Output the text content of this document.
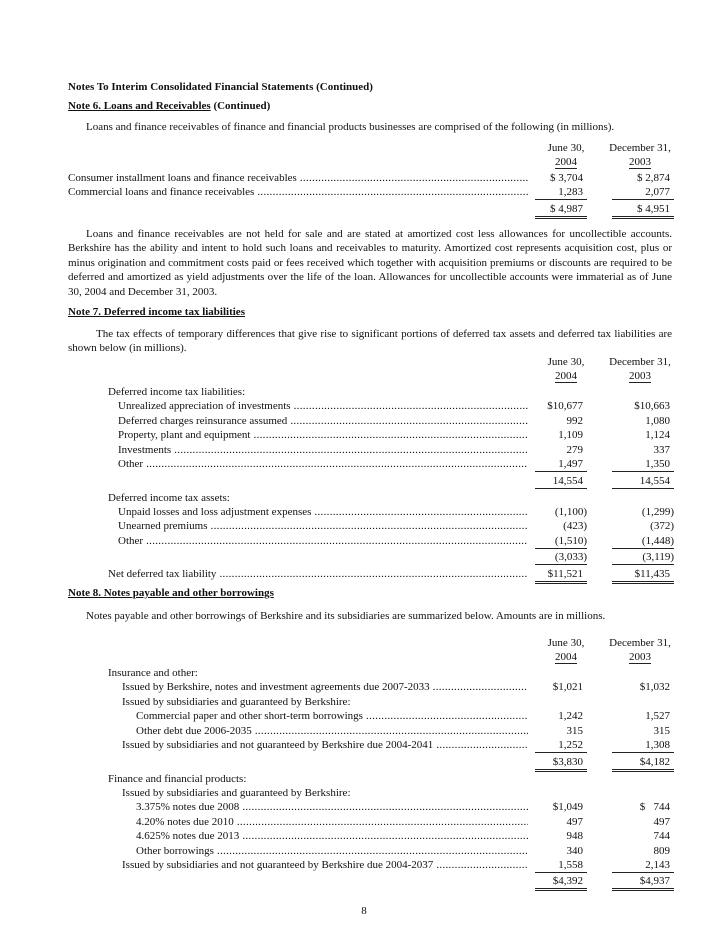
Notes To Interim Consolidated Financial Statements (Continued)
Note 6. Loans and Receivables (Continued)
Loans and finance receivables of finance and financial products businesses are comprised of the following (in millions).
June 30,
2004
December 31,
2003
Consumer installment loans and finance receivables .....	$ 3,704	$ 2,874
Commercial loans and finance receivables .....	1,283	2,077
$ 4,987	$ 4,951
Loans and finance receivables are not held for sale and are stated at amortized cost less allowances for uncollectible accounts. Berkshire has the ability and intent to hold such loans and receivables to maturity. Amortized cost represents acquisition cost, plus or minus origination and commitment costs paid or fees received which together with acquisition premiums or discounts are required to be deferred and amortized as yield adjustments over the life of the loan. Allowances for uncollectible accounts were immaterial as of June 30, 2004 and December 31, 2003.
Note 7. Deferred income tax liabilities
The tax effects of temporary differences that give rise to significant portions of deferred tax assets and deferred tax liabilities are shown below (in millions).
June 30,
2004
December 31,
2003
Deferred income tax liabilities:
Unrealized appreciation of investments .....	$10,677	$10,663
Deferred charges reinsurance assumed .....	992	1,080
Property, plant and equipment .....	1,109	1,124
Investments .....	279	337
Other .....	1,497	1,350
14,554	14,554
Deferred income tax assets:
Unpaid losses and loss adjustment expenses .....	(1,100)	(1,299)
Unearned premiums .....	(423)	(372)
Other .....	(1,510)	(1,448)
(3,033)	(3,119)
Net deferred tax liability .....	$11,521	$11,435
Note 8. Notes payable and other borrowings
Notes payable and other borrowings of Berkshire and its subsidiaries are summarized below. Amounts are in millions.
June 30,
2004
December 31,
2003
Insurance and other:
Issued by Berkshire, notes and investment agreements due 2007-2033 .....	$1,021	$1,032
Issued by subsidiaries and guaranteed by Berkshire:
Commercial paper and other short-term borrowings .....	1,242	1,527
Other debt due 2006-2035 .....	315	315
Issued by subsidiaries and not guaranteed by Berkshire due 2004-2041 .....	1,252	1,308
$3,830	$4,182
Finance and financial products:
Issued by subsidiaries and guaranteed by Berkshire:
3.375% notes due 2008 .....	$1,049	$   744
4.20% notes due 2010 .....	497	497
4.625% notes due 2013 .....	948	744
Other borrowings .....	340	809
Issued by subsidiaries and not guaranteed by Berkshire due 2004-2037 .....	1,558	2,143
$4,392	$4,937
8
